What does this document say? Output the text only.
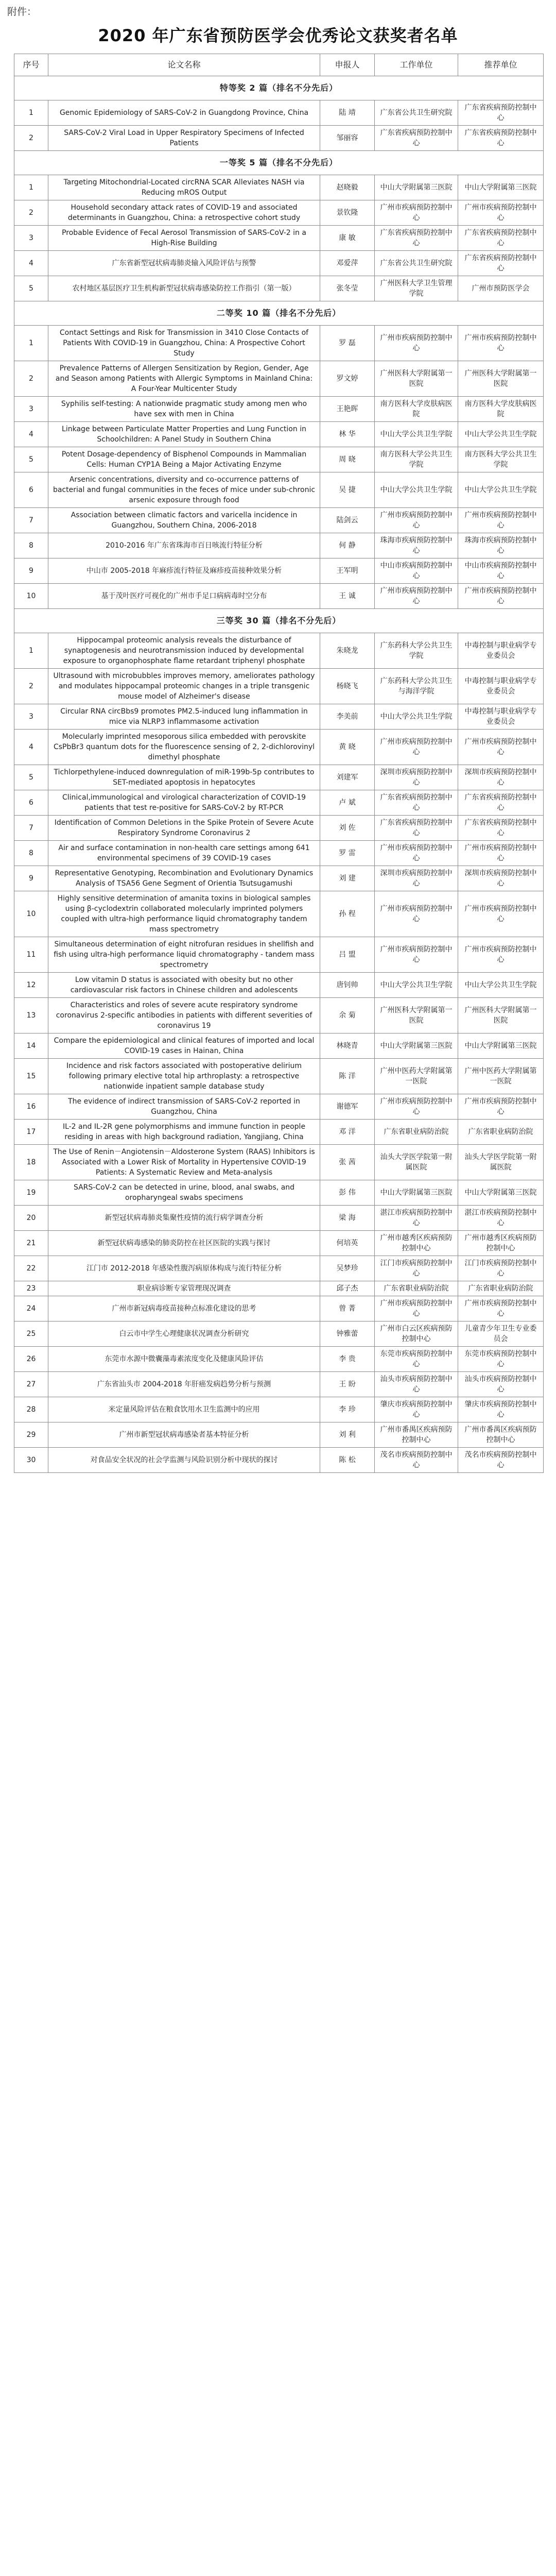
附件：
2020 年广东省预防医学会优秀论文获奖者名单
序号	论文名称	申报人	工作单位	推荐单位
特等奖 2 篇（排名不分先后）				
1	Genomic Epidemiology of SARS-CoV-2 in Guangdong Province, China	陆 靖	广东省公共卫生研究院	广东省疾病预防控制中心
2	SARS-CoV-2 Viral Load in Upper Respiratory Specimens of Infected Patients	邹丽容	广东省疾病预防控制中心	广东省疾病预防控制中心
一等奖 5 篇（排名不分先后）				
1	Targeting Mitochondrial-Located circRNA SCAR Alleviates NASH via Reducing mROS Output	赵晓毅	中山大学附属第三医院	中山大学附属第三医院
2	Household secondary attack rates of COVID-19 and associated determinants in Guangzhou, China: a retrospective cohort study	景钦隆	广州市疾病预防控制中心	广州市疾病预防控制中心
3	Probable Evidence of Fecal Aerosol Transmission of SARS-CoV-2 in a High-Rise Building	康 敏	广东省疾病预防控制中心	广东省疾病预防控制中心
4	广东省新型冠状病毒肺炎输入风险评估与预警	邓爱萍	广东省公共卫生研究院	广东省疾病预防控制中心
5	农村地区基层医疗卫生机构新型冠状病毒感染防控工作指引（第一版）	张冬莹	广州医科大学卫生管理学院	广州市预防医学会
二等奖 10 篇（排名不分先后）				
1	Contact Settings and Risk for Transmission in 3410 Close Contacts of Patients With COVID-19 in Guangzhou, China: A Prospective Cohort Study	罗 磊	广州市疾病预防控制中心	广州市疾病预防控制中心
2	Prevalence Patterns of Allergen Sensitization by Region, Gender, Age and Season among Patients with Allergic Symptoms in Mainland China: A Four-Year Multicenter Study	罗文婷	广州医科大学附属第一医院	广州医科大学附属第一医院
3	Syphilis self-testing: A nationwide pragmatic study among men who have sex with men in China	王艳晖	南方医科大学皮肤病医院	南方医科大学皮肤病医院
4	Linkage between Particulate Matter Properties and Lung Function in Schoolchildren: A Panel Study in Southern China	林 华	中山大学公共卫生学院	中山大学公共卫生学院
5	Potent Dosage-dependency of Bisphenol Compounds in Mammalian Cells: Human CYP1A Being a Major Activating Enzyme	周 晓	南方医科大学公共卫生学院	南方医科大学公共卫生学院
6	Arsenic concentrations, diversity and co-occurrence patterns of bacterial and fungal communities in the feces of mice under sub-chronic arsenic exposure through food	吴 捷	中山大学公共卫生学院	中山大学公共卫生学院
7	Association between climatic factors and varicella incidence in Guangzhou, Southern China, 2006-2018	陆剑云	广州市疾病预防控制中心	广州市疾病预防控制中心
8	2010-2016 年广东省珠海市百日咳流行特征分析	何 静	珠海市疾病预防控制中心	珠海市疾病预防控制中心
9	中山市 2005-2018 年麻疹流行特征及麻疹疫苗接种效果分析	王军明	中山市疾病预防控制中心	中山市疾病预防控制中心
10	基于茂叶医疗可视化的广州市手足口病病毒时空分布	王 诚	广州市疾病预防控制中心	广州市疾病预防控制中心
三等奖 30 篇（排名不分先后）				
1	Hippocampal proteomic analysis reveals the disturbance of synaptogenesis and neurotransmission induced by developmental exposure to organophosphate flame retardant triphenyl phosphate	朱晓龙	广东药科大学公共卫生学院	中毒控制与职业病学专业委员会
2	Ultrasound with microbubbles improves memory, ameliorates pathology and modulates hippocampal proteomic changes in a triple transgenic mouse model of Alzheimer's disease	杨晓飞	广东药科大学公共卫生与海洋学院	中毒控制与职业病学专业委员会
3	Circular RNA circBbs9 promotes PM2.5-induced lung inflammation in mice via NLRP3 inflammasome activation	李美前	中山大学公共卫生学院	中毒控制与职业病学专业委员会
4	Molecularly imprinted mesoporous silica embedded with perovskite CsPbBr3 quantum dots for the fluorescence sensing of 2, 2-dichlorovinyl dimethyl phosphate	黄 晓	广州市疾病预防控制中心	广州市疾病预防控制中心
5	Tichlorpethylene-induced downregulation of miR-199b-5p contributes to SET-mediated apoptosis in hepatocytes	刘建军	深圳市疾病预防控制中心	深圳市疾病预防控制中心
6	Clinical,immunological and virological characterization of COVID-19 patients that test re-positive for SARS-CoV-2 by RT-PCR	卢 斌	广东省疾病预防控制中心	广东省疾病预防控制中心
7	Identification of Common Deletions in the Spike Protein of Severe Acute Respiratory Syndrome Coronavirus 2	刘 佐	广东省疾病预防控制中心	广东省疾病预防控制中心
8	Air and surface contamination in non-health care settings among 641 environmental specimens of 39 COVID-19 cases	罗 雷	广州市疾病预防控制中心	广州市疾病预防控制中心
9	Representative Genotyping, Recombination and Evolutionary Dynamics Analysis of TSA56 Gene Segment of Orientia Tsutsugamushi	刘 建	深圳市疾病预防控制中心	深圳市疾病预防控制中心
10	Highly sensitive determination of amanita toxins in biological samples using β-cyclodextrin collaborated molecularly imprinted polymers coupled with ultra-high performance liquid chromatography tandem mass spectrometry	孙 程	广州市疾病预防控制中心	广州市疾病预防控制中心
11	Simultaneous determination of eight nitrofuran residues in shellfish and fish using ultra-high performance liquid chromatography - tandem mass spectrometry	吕 盟	广州市疾病预防控制中心	广州市疾病预防控制中心
12	Low vitamin D status is associated with obesity but no other cardiovascular risk factors in Chinese children and adolescents	唐钊帅	中山大学公共卫生学院	中山大学公共卫生学院
13	Characteristics and roles of severe acute respiratory syndrome coronavirus 2-specific antibodies in patients with different severities of coronavirus 19	余 菊	广州医科大学附属第一医院	广州医科大学附属第一医院
14	Compare the epidemiological and clinical features of imported and local COVID-19 cases in Hainan, China	林晓青	中山大学附属第三医院	中山大学附属第三医院
15	Incidence and risk factors associated with postoperative delirium following primary elective total hip arthroplasty: a retrospective nationwide inpatient sample database study	陈 洋	广州中医药大学附属第一医院	广州中医药大学附属第一医院
16	The evidence of indirect transmission of SARS-CoV-2 reported in Guangzhou, China	谢德军	广州市疾病预防控制中心	广州市疾病预防控制中心
17	IL-2 and IL-2R gene polymorphisms and immune function in people residing in areas with high background radiation, Yangjiang, China	邓 洋	广东省职业病防治院	广东省职业病防治院
18	The Use of Renin－Angiotensin－Aldosterone System (RAAS) Inhibitors is Associated with a Lower Risk of Mortality in Hypertensive COVID-19 Patients: A Systematic Review and Meta-analysis	张 茜	汕头大学医学院第一附属医院	汕头大学医学院第一附属医院
19	SARS-CoV-2 can be detected in urine, blood, anal swabs, and oropharyngeal swabs specimens	彭 伟	中山大学附属第三医院	中山大学附属第三医院
20	新型冠状病毒肺炎集聚性疫情的流行病学调查分析	梁 海	湛江市疾病预防控制中心	湛江市疾病预防控制中心
21	新型冠状病毒感染的肺炎防控在社区医院的实践与探讨	何培英	广州市越秀区疾病预防控制中心	广州市越秀区疾病预防控制中心
22	江门市 2012-2018 年感染性腹泻病原体构成与流行特征分析	吴梦珍	江门市疾病预防控制中心	江门市疾病预防控制中心
23	职业病诊断专家管理现况调查	邱子杰	广东省职业病防治院	广东省职业病防治院
24	广州市新冠病毒疫苗接种点标准化建设的思考	曾 菁	广州市疾病预防控制中心	广州市疾病预防控制中心
25	白云市中学生心理健康状况调查分析研究	钟雅蕾	广州市白云区疾病预防控制中心	儿童青少年卫生专业委员会
26	东莞市水源中微囊藻毒素浓度变化及健康风险评估	李 贵	东莞市疾病预防控制中心	东莞市疾病预防控制中心
27	广东省汕头市 2004-2018 年肝癌发病趋势分析与预测	王 盼	汕头市疾病预防控制中心	汕头市疾病预防控制中心
28	米定量风险评估在粮食饮用水卫生监测中的应用	李 珍	肇庆市疾病预防控制中心	肇庆市疾病预防控制中心
29	广州市新型冠状病毒感染者基本特征分析	刘 利	广州市番禺区疾病预防控制中心	广州市番禺区疾病预防控制中心
30	对食品安全状况的社会学监测与风险识别分析中现状的探讨	陈 松	茂名市疾病预防控制中心	茂名市疾病预防控制中心
